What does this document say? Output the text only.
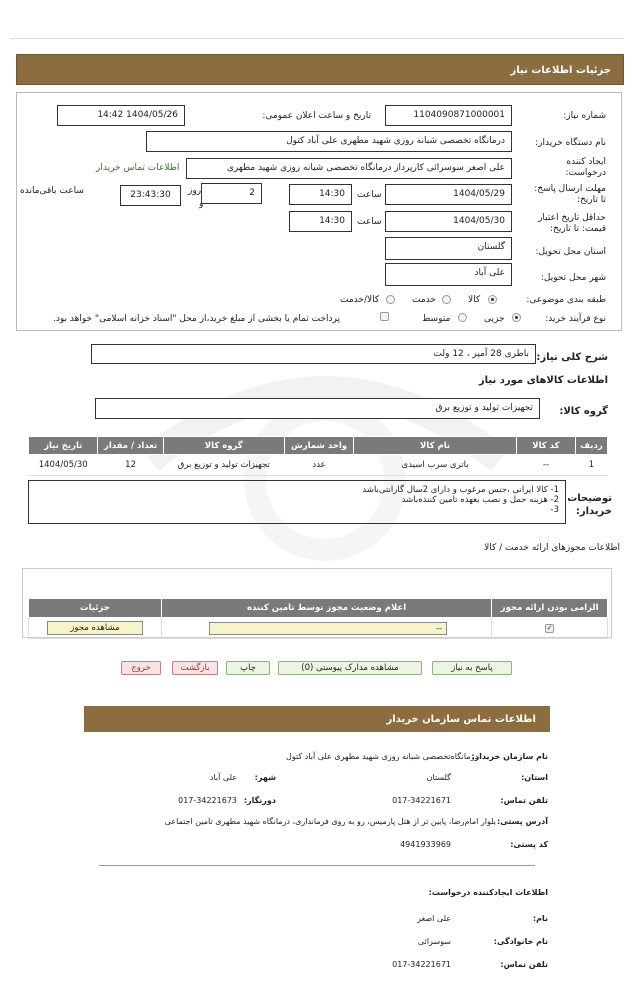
جزئیات اطلاعات نیاز
شماره نیاز:
1104090871000001
تاریخ و ساعت اعلان عمومی:
1404/05/26 14:42
نام دستگاه خریدار:
درمانگاه تخصصی شبانه روزی شهید مطهری علی آباد کتول
ایجاد کننده درخواست:
علی اصغر سوسرائی کارپرداز درمانگاه تخصصی شبانه روزی شهید مطهری
اطلاعات تماس خریدار
مهلت ارسال پاسخ: تا تاریخ:
1404/05/29
ساعت
14:30
2
روز
و
23:43:30
ساعت باقی‌مانده
حداقل تاریخ اعتبار قیمت: تا تاریخ:
1404/05/30
ساعت
14:30
استان محل تحویل:
گلستان
شهر محل تحویل:
علی آباد
طبقه بندی موضوعی:
کالا
خدمت
کالا/خدمت
نوع فرآیند خرید:
جزیی
متوسط
پرداخت تمام یا بخشی از مبلغ خرید،از محل "اسناد خزانه اسلامی" خواهد بود.
شرح کلی نیاز:
باطری 28 آمپر ، 12 ولت
اطلاعات کالاهای مورد نیاز
گروه کالا:
تجهیزات تولید و توزیع برق
ردیف	کد کالا	نام کالا	واحد شمارش	گروه کالا	تعداد / مقدار	تاریخ نیاز
1	--	باتری سرب اسیدی	عدد	تجهیزات تولید و توزیع برق	12	1404/05/30
توضیحات خریدار:
1- کالا ایرانی ،جنس مرغوب و دارای 2سال گارانتی‌باشد
2- هزینه حمل و نصب بعهده تامین کننده‌باشد
3-
اطلاعات مجوزهای ارائه خدمت / کالا
الزامی بودن ارائه مجوز	اعلام وضعیت مجوز توسط تامین کننده	جزئیات
✓	--	مشاهده مجوز
پاسخ به نیاز
مشاهده مدارک پیوستی (0)
چاپ
بازگشت
خروج
اطلاعات تماس سازمان خریدار
نام سازمان خریدار:
درمانگاه‌تخصصی شبانه روزی شهید مطهری علی آباد کتول
استان:
گلستان
شهر:
علی آباد
تلفن تماس:
017-34221671
دورنگار:
017-34221673
آدرس پستی:
بلوار امام‌رضا، پایین تر از هتل پارمیس، رو به روی فرمانداری، درمانگاه شهید مطهری تامین اجتماعی
کد پستی:
4941933969
اطلاعات ایجادکننده درخواست:
نام:
علی اصغر
نام خانوادگی:
سوسرائی
تلفن تماس:
017-34221671
